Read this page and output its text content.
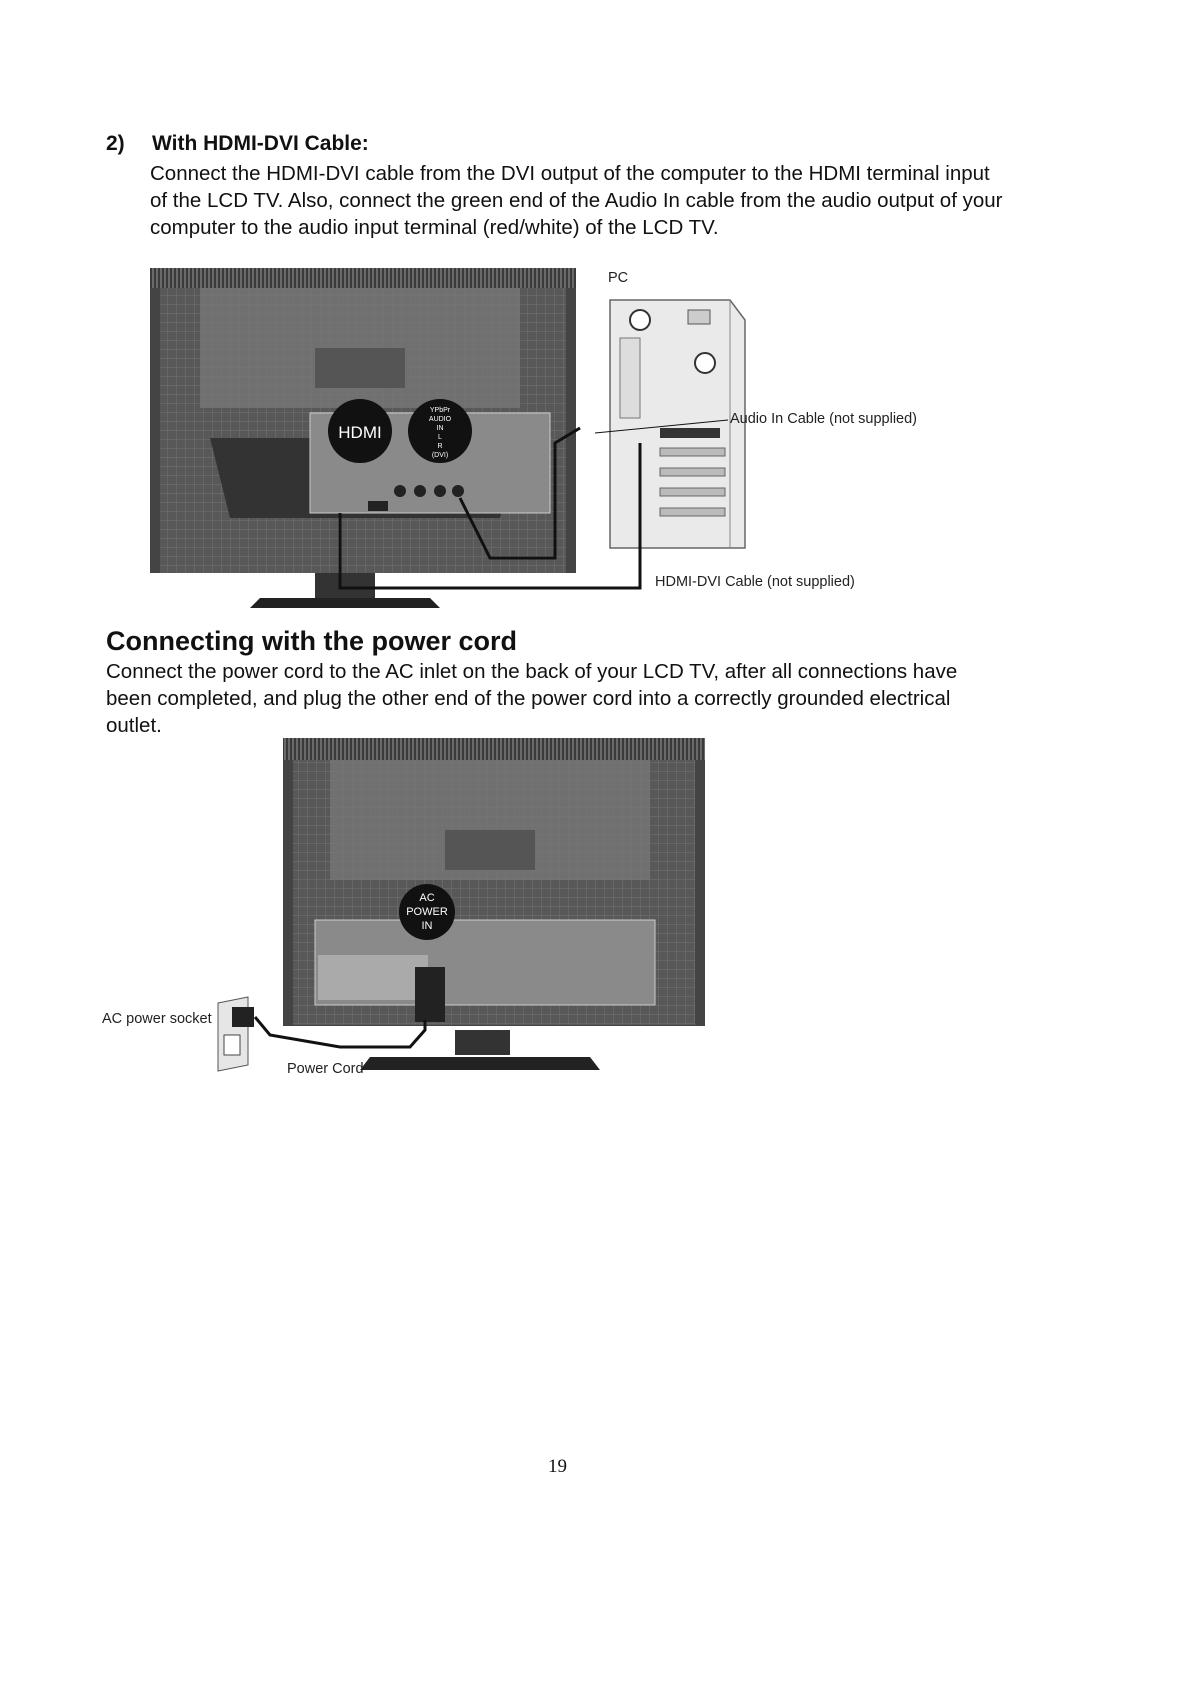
2) With HDMI-DVI Cable:
Connect the HDMI-DVI cable from the DVI output of the computer to the HDMI terminal input
of the LCD TV. Also, connect the green end of the Audio In cable from the audio output of your
computer to the audio input terminal (red/white) of the LCD TV.
HDMI
YPbPr
AUDIO
IN
L
R
(DVI)
PC
Audio In Cable (not supplied)
HDMI-DVI Cable (not supplied)
Connecting with the power cord
Connect the power cord to the AC inlet on the back of your LCD TV, after all connections have
been completed, and plug the other end of the power cord into a correctly grounded electrical
outlet.
AC
POWER
IN
AC power socket
Power Cord
19
